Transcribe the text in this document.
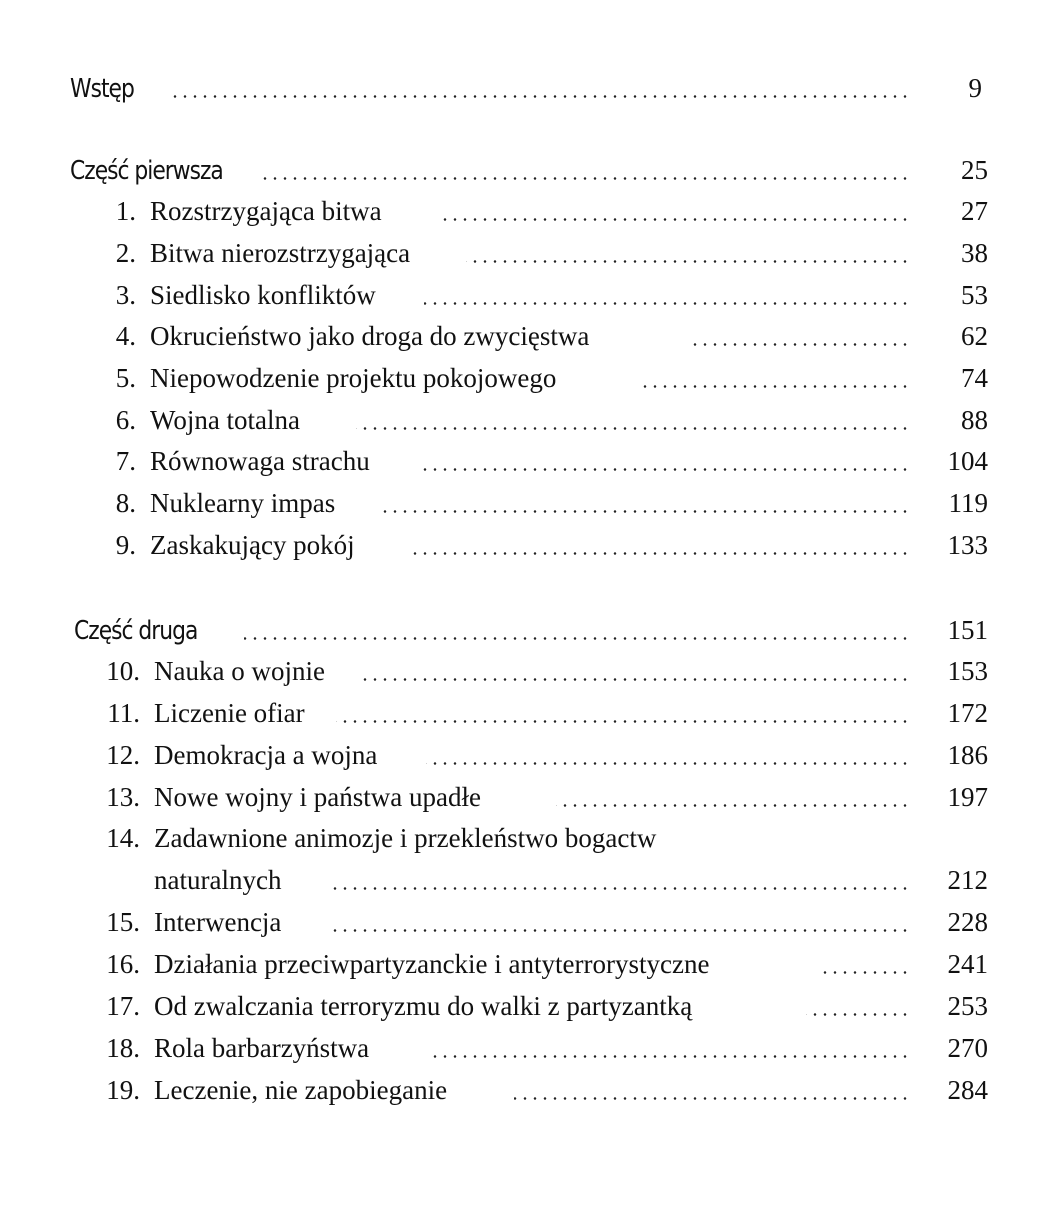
Wstęp	9
Część pierwsza	25
1. Rozstrzygająca bitwa	27
2. Bitwa nierozstrzygająca	38
3. Siedlisko konfliktów	53
4. Okrucieństwo jako droga do zwycięstwa	62
5. Niepowodzenie projektu pokojowego	74
6. Wojna totalna	88
7. Równowaga strachu	104
8. Nuklearny impas	119
9. Zaskakujący pokój	133
Część druga	151
10. Nauka o wojnie	153
11. Liczenie ofiar	172
12. Demokracja a wojna	186
13. Nowe wojny i państwa upadłe	197
14. Zadawnione animozje i przekleństwo bogactw
naturalnych	212
15. Interwencja	228
16. Działania przeciwpartyzanckie i antyterrorystyczne	241
17. Od zwalczania terroryzmu do walki z partyzantką	253
18. Rola barbarzyństwa	270
19. Leczenie, nie zapobieganie	284
